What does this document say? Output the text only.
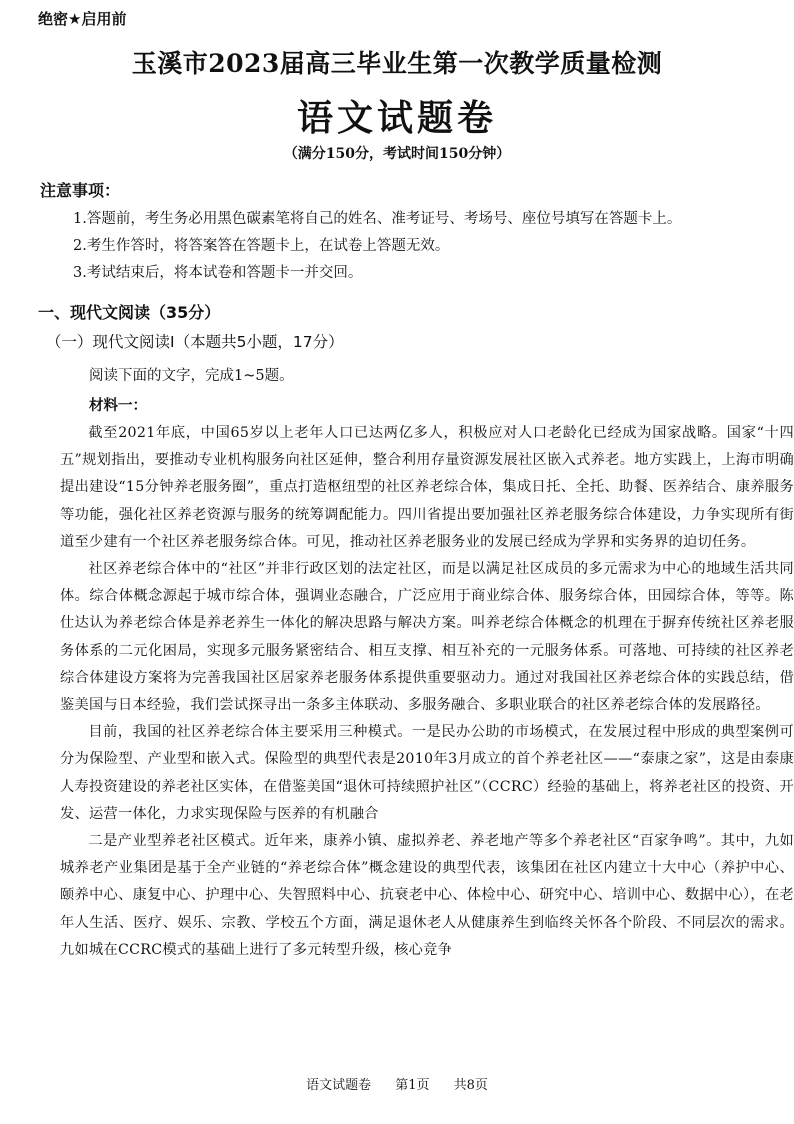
绝密★启用前
玉溪市2023届高三毕业生第一次教学质量检测
语文试题卷
（满分150分，考试时间150分钟）
注意事项：
1.答题前，考生务必用黑色碳素笔将自己的姓名、准考证号、考场号、座位号填写在答题卡上。
2.考生作答时，将答案答在答题卡上，在试卷上答题无效。
3.考试结束后，将本试卷和答题卡一并交回。
一、现代文阅读（35分）
（一）现代文阅读Ⅰ（本题共5小题，17分）
阅读下面的文字，完成1~5题。
材料一：

截至2021年底，中国65岁以上老年人口已达两亿多人，积极应对人口老龄化已经成为国家战略。国家“十四五”规划指出，要推动专业机构服务向社区延伸，整合利用存量资源发展社区嵌入式养老。地方实践上，上海市明确提出建设“15分钟养老服务圈”，重点打造枢纽型的社区养老综合体，集成日托、全托、助餐、医养结合、康养服务等功能，强化社区养老资源与服务的统筹调配能力。四川省提出要加强社区养老服务综合体建设，力争实现所有街道至少建有一个社区养老服务综合体。可见，推动社区养老服务业的发展已经成为学界和实务界的迫切任务。

社区养老综合体中的“社区”并非行政区划的法定社区，而是以满足社区成员的多元需求为中心的地域生活共同体。综合体概念源起于城市综合体，强调业态融合，广泛应用于商业综合体、服务综合体，田园综合体，等等。陈仕达认为养老综合体是养老养生一体化的解决思路与解决方案。叫养老综合体概念的机理在于摒弃传统社区养老服务体系的二元化困局，实现多元服务紧密结合、相互支撑、相互补充的一元服务体系。可落地、可持续的社区养老综合体建设方案将为完善我国社区居家养老服务体系提供重要驱动力。通过对我国社区养老综合体的实践总结，借鉴美国与日本经验，我们尝试探寻出一条多主体联动、多服务融合、多职业联合的社区养老综合体的发展路径。

目前，我国的社区养老综合体主要采用三种模式。一是民办公助的市场模式，在发展过程中形成的典型案例可分为保险型、产业型和嵌入式。保险型的典型代表是2010年3月成立的首个养老社区——“泰康之家”，这是由泰康人寿投资建设的养老社区实体，在借鉴美国“退休可持续照护社区”（CCRC）经验的基础上，将养老社区的投资、开发、运营一体化，力求实现保险与医养的有机融合

二是产业型养老社区模式。近年来，康养小镇、虚拟养老、养老地产等多个养老社区“百家争鸣”。其中，九如城养老产业集团是基于全产业链的“养老综合体”概念建设的典型代表，该集团在社区内建立十大中心（养护中心、颐养中心、康复中心、护理中心、失智照料中心、抗衰老中心、体检中心、研究中心、培训中心、数据中心），在老年人生活、医疗、娱乐、宗教、学校五个方面，满足退休老人从健康养生到临终关怀各个阶段、不同层次的需求。九如城在CCRC模式的基础上进行了多元转型升级，核心竞争

语文试题卷 第1页 共8页
